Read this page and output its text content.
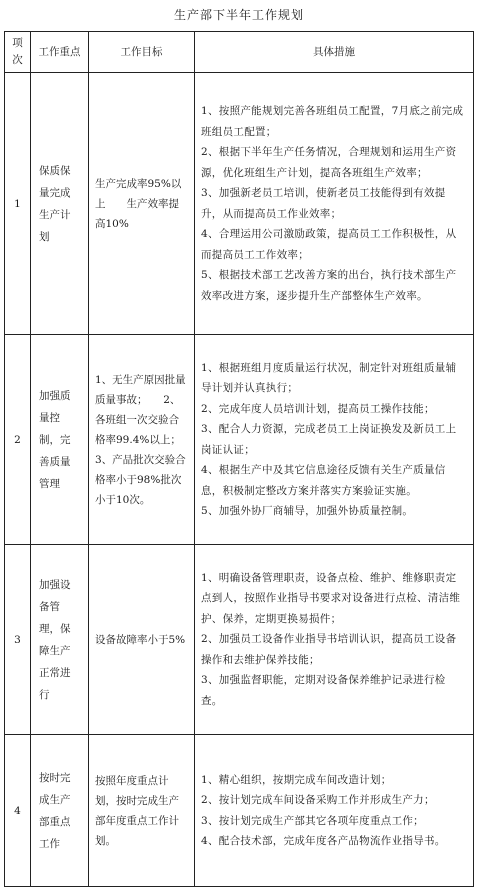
生产部下半年工作规划
项次	工作重点	工作目标	具体措施
1	保质保量完成生产计划	生产完成率95%以上　　生产效率提高10%	1、按照产能规划完善各班组员工配置，7月底之前完成班组员工配置；

2、根据下半年生产任务情况，合理规划和运用生产资源，优化班组生产计划，提高各班组生产效率；

3、加强新老员工培训，使新老员工技能得到有效提升，从而提高员工作业效率；

4、合理运用公司激励政策，提高员工工作积极性，从而提高员工工作效率；

5、根据技术部工艺改善方案的出台，执行技术部生产效率改进方案，逐步提升生产部整体生产效率。

2	加强质量控制，完善质量管理	1、无生产原因批量质量事故；　　2、各班组一次交验合格率99.4%以上；　　3、产品批次交验合格率小于98%批次小于10次。	1、根据班组月度质量运行状况，制定针对班组质量辅导计划并认真执行；

2、完成年度人员培训计划，提高员工操作技能；

3、配合人力资源，完成老员工上岗证换发及新员工上岗证认证；

4、根据生产中及其它信息途径反馈有关生产质量信息，积极制定整改方案并落实方案验证实施。

5、加强外协厂商辅导，加强外协质量控制。

3	加强设备管理，保障生产正常进行	设备故障率小于5%	1、明确设备管理职责，设备点检、维护、维修职责定点到人，按照作业指导书要求对设备进行点检、清洁维护、保养，定期更换易损件；

2、加强员工设备作业指导书培训认识，提高员工设备操作和去维护保养技能；

3、加强监督职能，定期对设备保养维护记录进行检查。

4	按时完成生产部重点工作	按照年度重点计划，按时完成生产部年度重点工作计划。	1、精心组织，按期完成车间改造计划；

2、按计划完成车间设备采购工作并形成生产力；

3、按计划完成生产部其它各项年度重点工作；

4、配合技术部，完成年度各产品物流作业指导书。
